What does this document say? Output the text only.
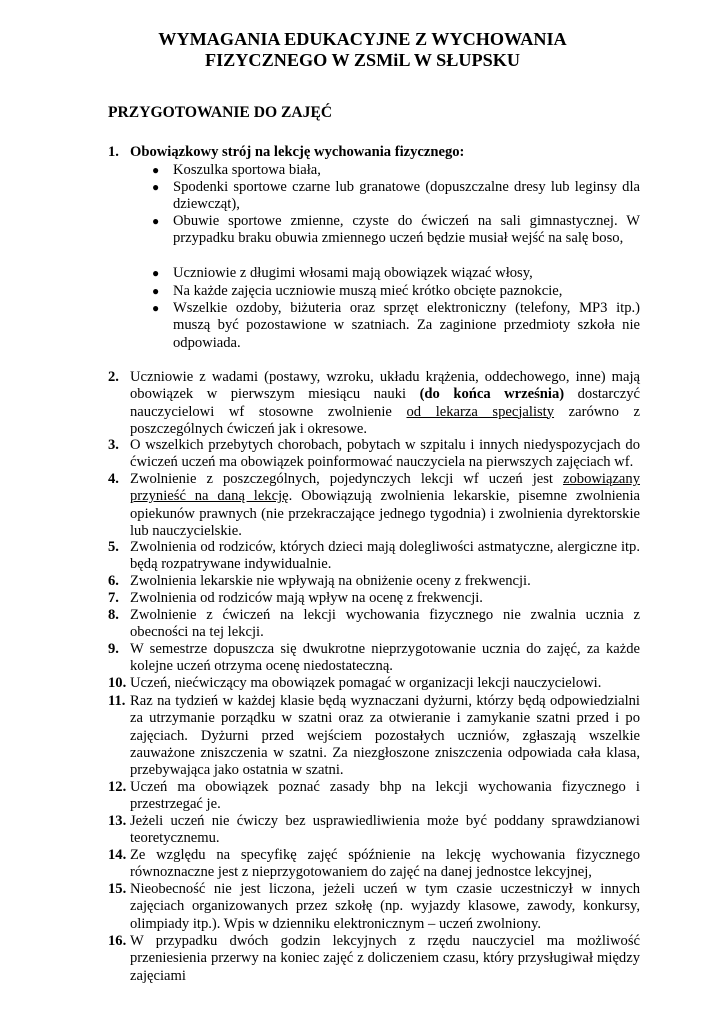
WYMAGANIA EDUKACYJNE Z WYCHOWANIA
FIZYCZNEGO W ZSMiL W SŁUPSKU
PRZYGOTOWANIE DO ZAJĘĆ
1. Obowiązkowy strój na lekcję wychowania fizycznego:
● Koszulka sportowa biała,
● Spodenki sportowe czarne lub granatowe (dopuszczalne dresy lub leginsy dla dziewcząt),
● Obuwie sportowe zmienne, czyste do ćwiczeń na sali gimnastycznej. W przypadku braku obuwia zmiennego uczeń będzie musiał wejść na salę boso,
● Uczniowie z długimi włosami mają obowiązek wiązać włosy,
● Na każde zajęcia uczniowie muszą mieć krótko obcięte paznokcie,
● Wszelkie ozdoby, biżuteria oraz sprzęt elektroniczny (telefony, MP3 itp.) muszą być pozostawione w szatniach. Za zaginione przedmioty szkoła nie odpowiada.
2. Uczniowie z wadami (postawy, wzroku, układu krążenia, oddechowego, inne) mają obowiązek w pierwszym miesiącu nauki (do końca września) dostarczyć nauczycielowi wf stosowne zwolnienie od lekarza specjalisty zarówno z poszczególnych ćwiczeń jak i okresowe.
3. O wszelkich przebytych chorobach, pobytach w szpitalu i innych niedyspozycjach do ćwiczeń uczeń ma obowiązek poinformować nauczyciela na pierwszych zajęciach wf.
4. Zwolnienie z poszczególnych, pojedynczych lekcji wf uczeń jest zobowiązany przynieść na daną lekcję. Obowiązują zwolnienia lekarskie, pisemne zwolnienia opiekunów prawnych (nie przekraczające jednego tygodnia) i zwolnienia dyrektorskie lub nauczycielskie.
5. Zwolnienia od rodziców, których dzieci mają dolegliwości astmatyczne, alergiczne itp. będą rozpatrywane indywidualnie.
6. Zwolnienia lekarskie nie wpływają na obniżenie oceny z frekwencji.
7. Zwolnienia od rodziców mają wpływ na ocenę z frekwencji.
8. Zwolnienie z ćwiczeń na lekcji wychowania fizycznego nie zwalnia ucznia z obecności na tej lekcji.
9. W semestrze dopuszcza się dwukrotne nieprzygotowanie ucznia do zajęć, za każde kolejne uczeń otrzyma ocenę niedostateczną.
10. Uczeń, niećwiczący ma obowiązek pomagać w organizacji lekcji nauczycielowi.
11. Raz na tydzień w każdej klasie będą wyznaczani dyżurni, którzy będą odpowiedzialni za utrzymanie porządku w szatni oraz za otwieranie i zamykanie szatni przed i po zajęciach. Dyżurni przed wejściem pozostałych uczniów, zgłaszają wszelkie zauważone zniszczenia w szatni. Za niezgłoszone zniszczenia odpowiada cała klasa, przebywająca jako ostatnia w szatni.
12. Uczeń ma obowiązek poznać zasady bhp na lekcji wychowania fizycznego i przestrzegać je.
13. Jeżeli uczeń nie ćwiczy bez usprawiedliwienia może być poddany sprawdzianowi teoretycznemu.
14. Ze względu na specyfikę zajęć spóźnienie na lekcję wychowania fizycznego równoznaczne jest z nieprzygotowaniem do zajęć na danej jednostce lekcyjnej,
15. Nieobecność nie jest liczona, jeżeli uczeń w tym czasie uczestniczył w innych zajęciach organizowanych przez szkołę (np. wyjazdy klasowe, zawody, konkursy, olimpiady itp.). Wpis w dzienniku elektronicznym – uczeń zwolniony.
16. W przypadku dwóch godzin lekcyjnych z rzędu nauczyciel ma możliwość przeniesienia przerwy na koniec zajęć z doliczeniem czasu, który przysługiwał między zajęciami
